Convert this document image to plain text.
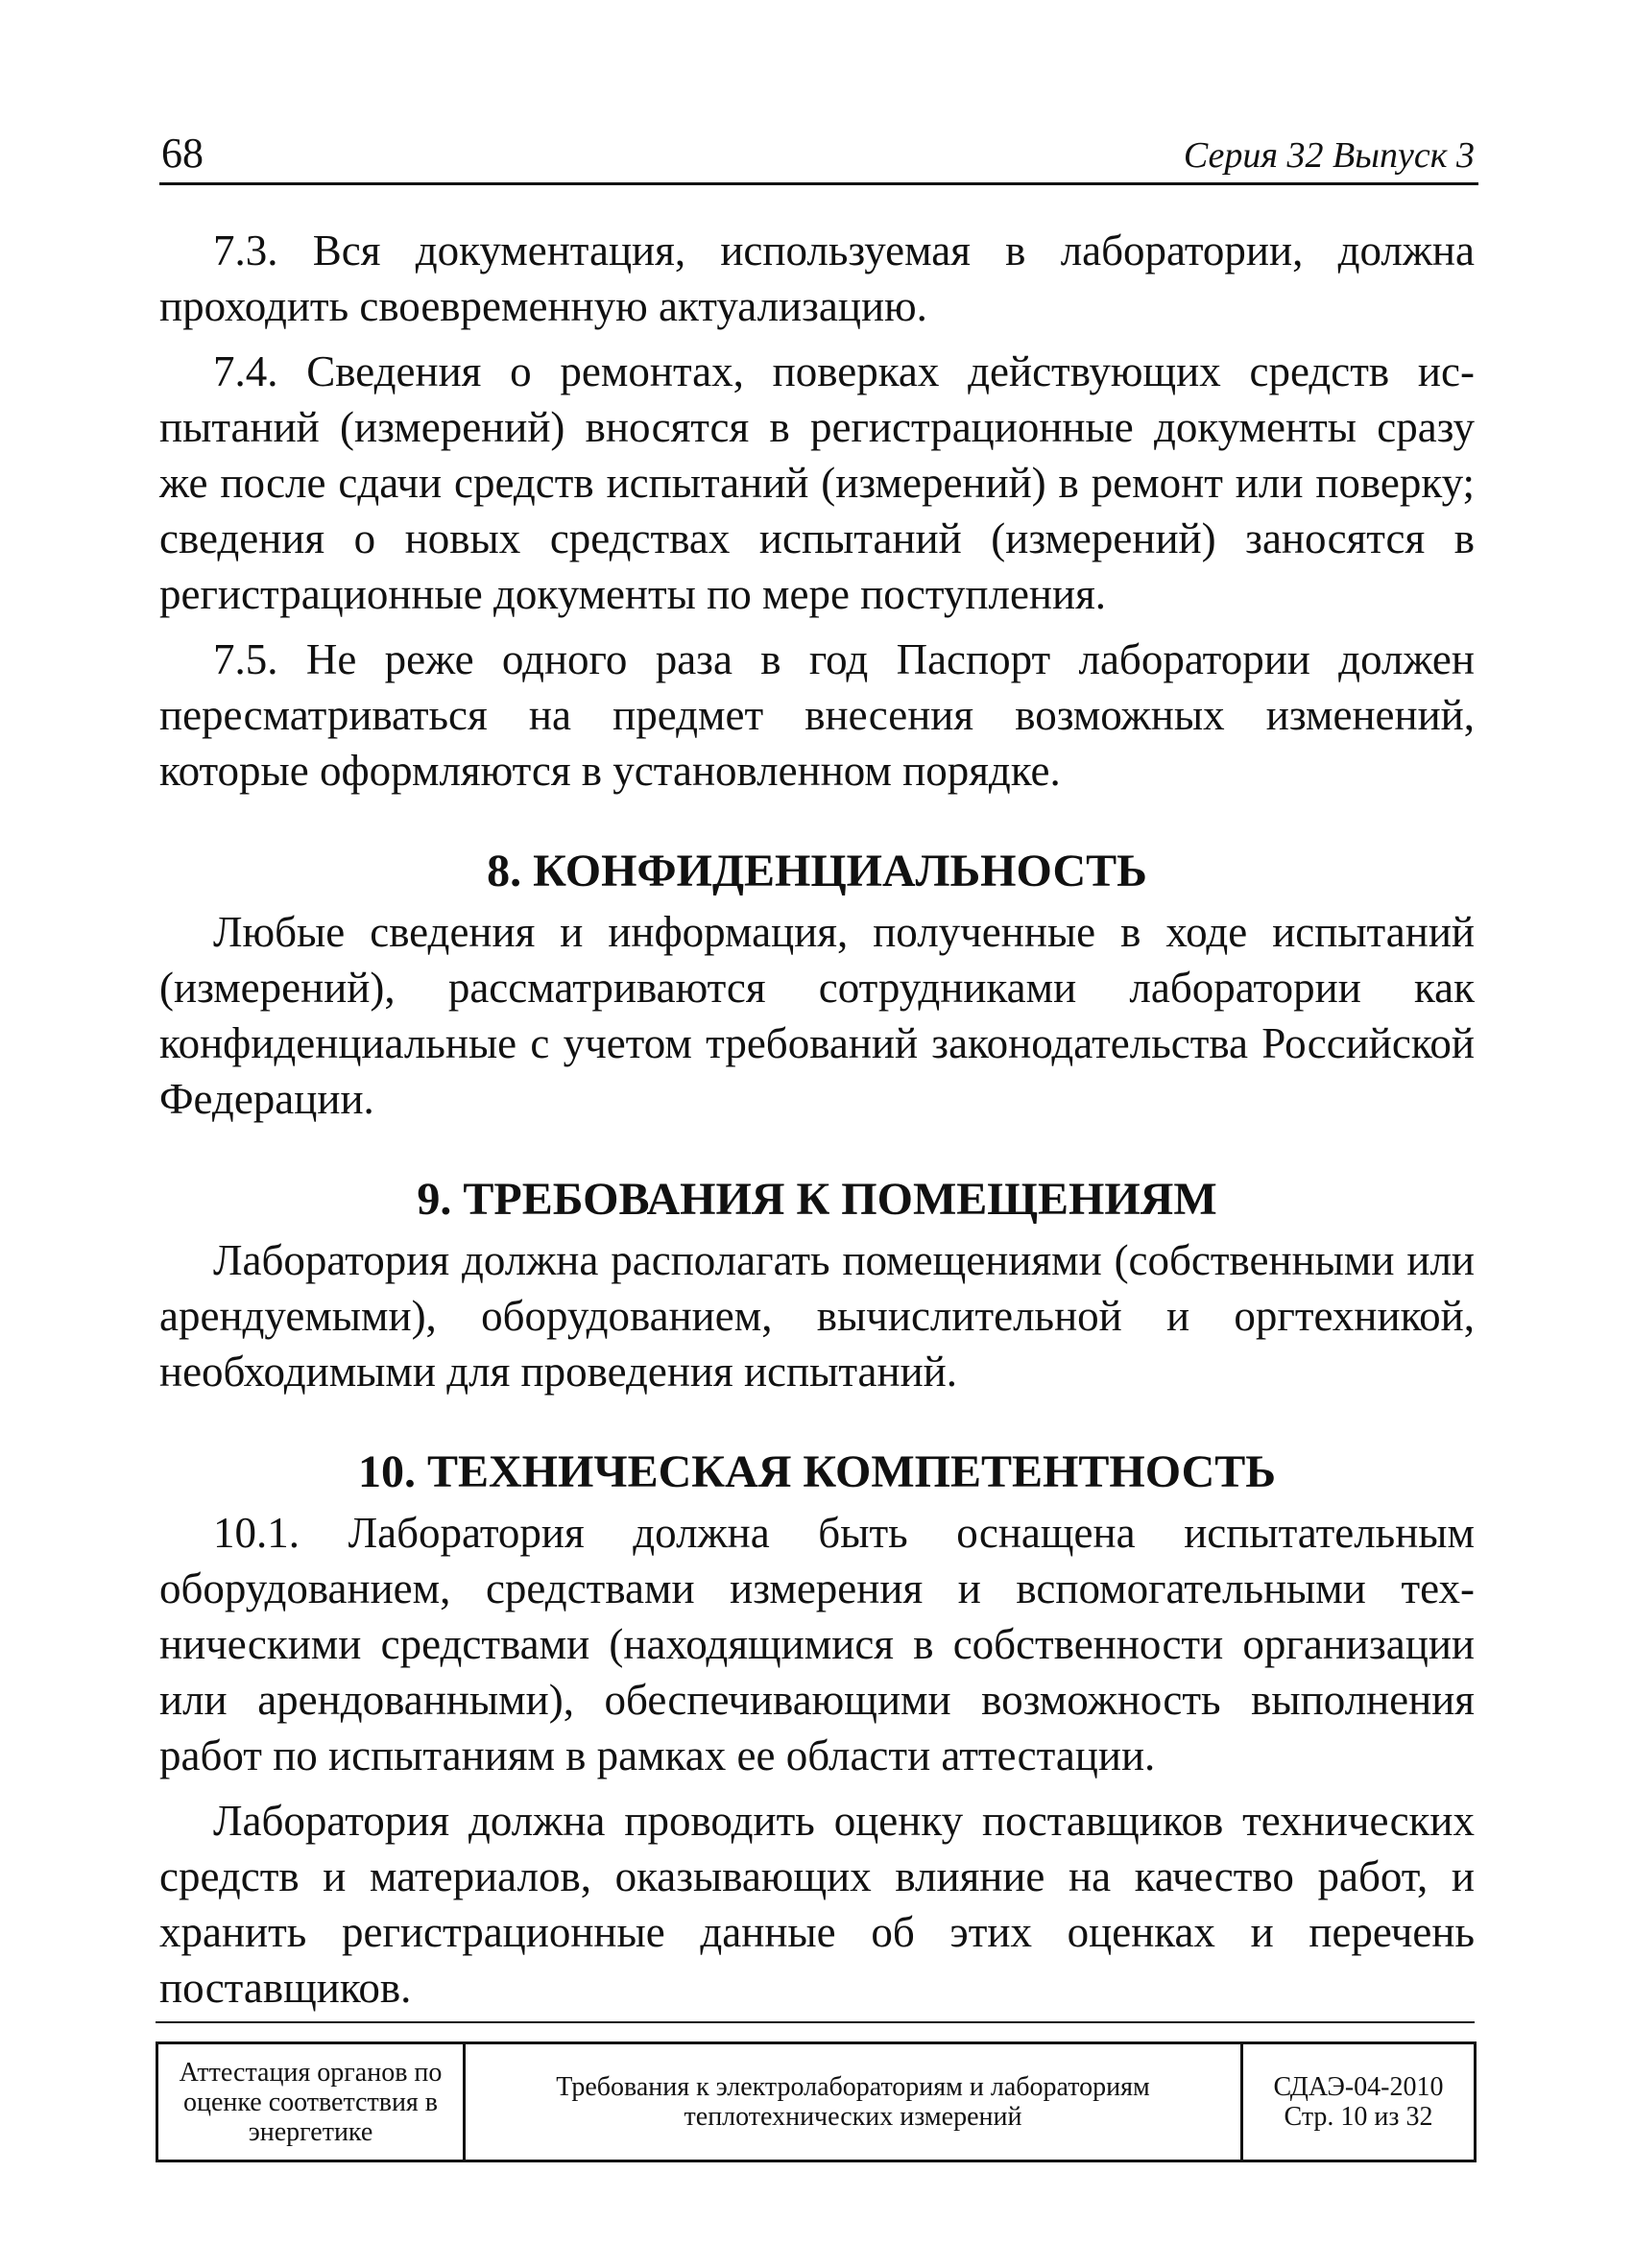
68	Серия 32 Выпуск 3

7.3. Вся документация, используемая в лаборатории, должна проходить своевременную актуализацию.

7.4. Сведения о ремонтах, поверках действующих средств испытаний (измерений) вносятся в регистрационные документы сразу же после сдачи средств испытаний (измерений) в ремонт или поверку; сведения о новых средствах испытаний (измерений) заносятся в регистрационные документы по мере поступления.

7.5. Не реже одного раза в год Паспорт лаборатории должен пересматриваться на предмет внесения возможных изменений, которые оформляются в установленном порядке.

8. КОНФИДЕНЦИАЛЬНОСТЬ

Любые сведения и информация, полученные в ходе испытаний (измерений), рассматриваются сотрудниками лаборатории как конфиденциальные с учетом требований законодательства Российской Федерации.

9. ТРЕБОВАНИЯ К ПОМЕЩЕНИЯМ

Лаборатория должна располагать помещениями (собственными или арендуемыми), оборудованием, вычислительной и оргтехникой, необходимыми для проведения испытаний.

10. ТЕХНИЧЕСКАЯ КОМПЕТЕНТНОСТЬ

10.1. Лаборатория должна быть оснащена испытательным оборудованием, средствами измерения и вспомогательными техническими средствами (находящимися в собственности организации или арендованными), обеспечивающими возможность выполнения работ по испытаниям в рамках ее области аттестации.

Лаборатория должна проводить оценку поставщиков технических средств и материалов, оказывающих влияние на качество работ, и хранить регистрационные данные об этих оценках и перечень поставщиков.

Аттестация органов по оценке соответствия в энергетике
Требования к электролабораториям и лабораториям теплотехнических измерений
СДАЭ-04-2010
Стр. 10 из 32
